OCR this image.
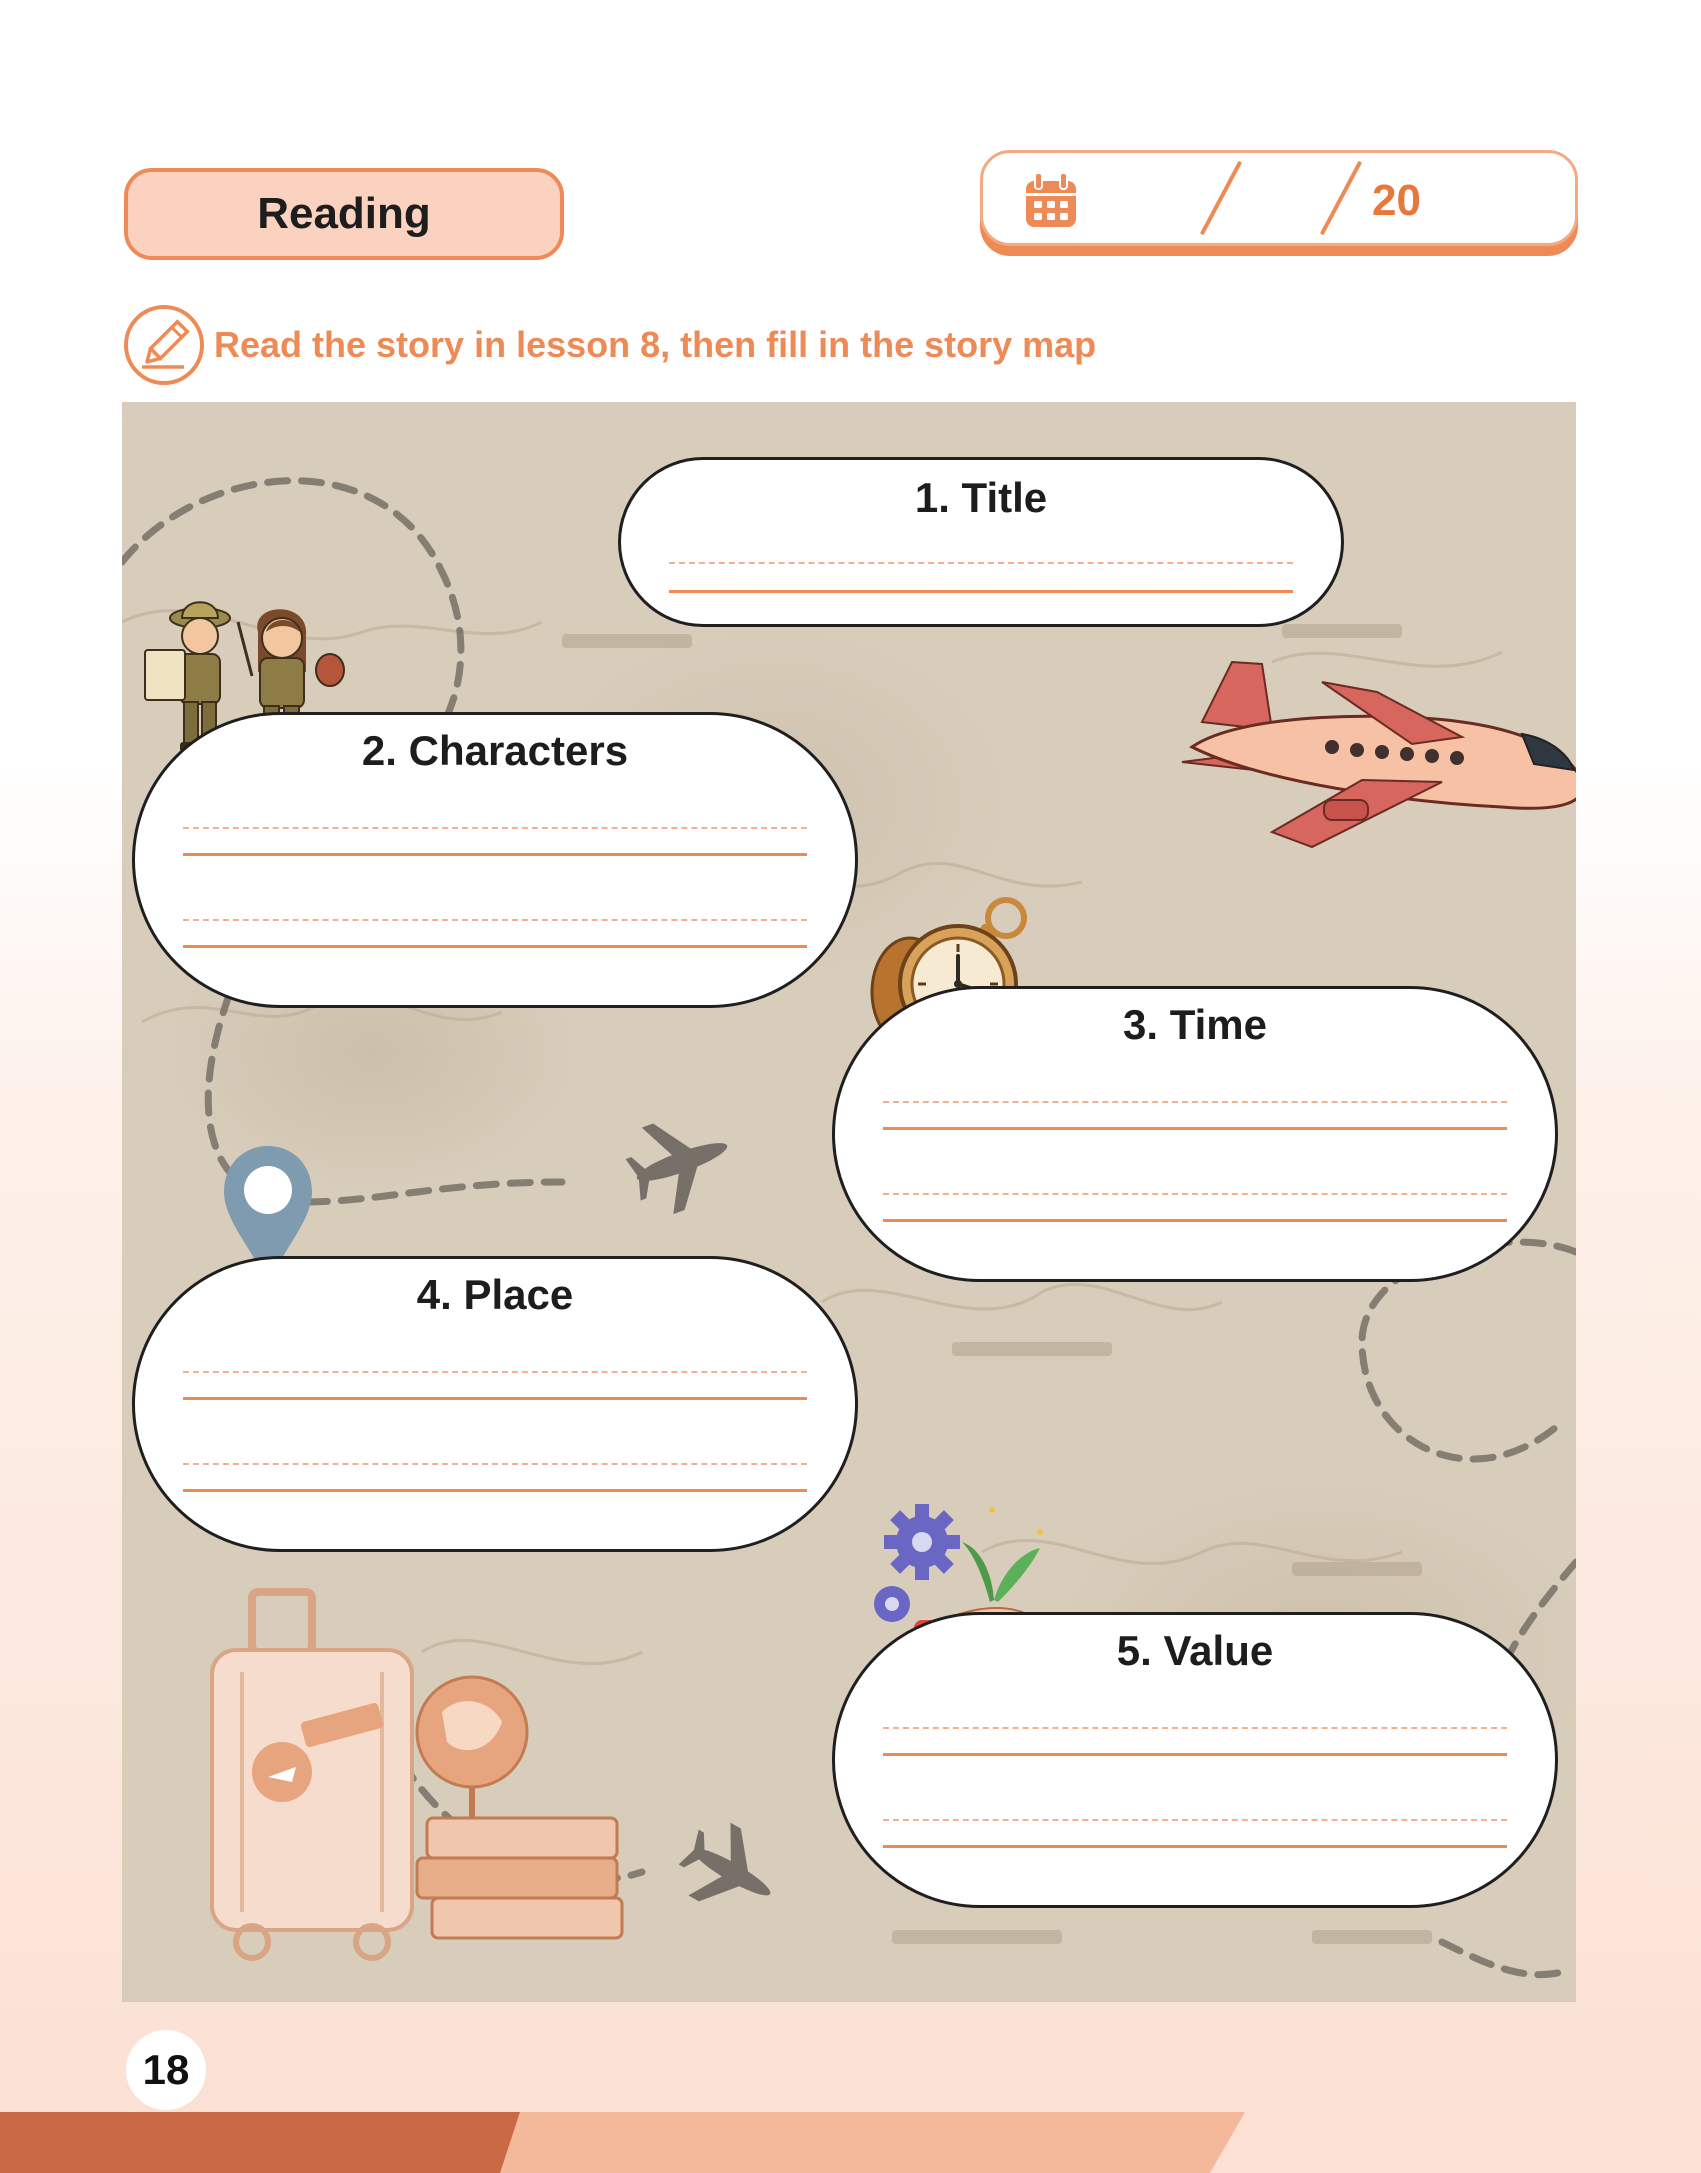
Reading	20
Read the story in lesson 8, then fill in the story map
1. Title
2. Characters
3. Time
4. Place
5. Value
18
